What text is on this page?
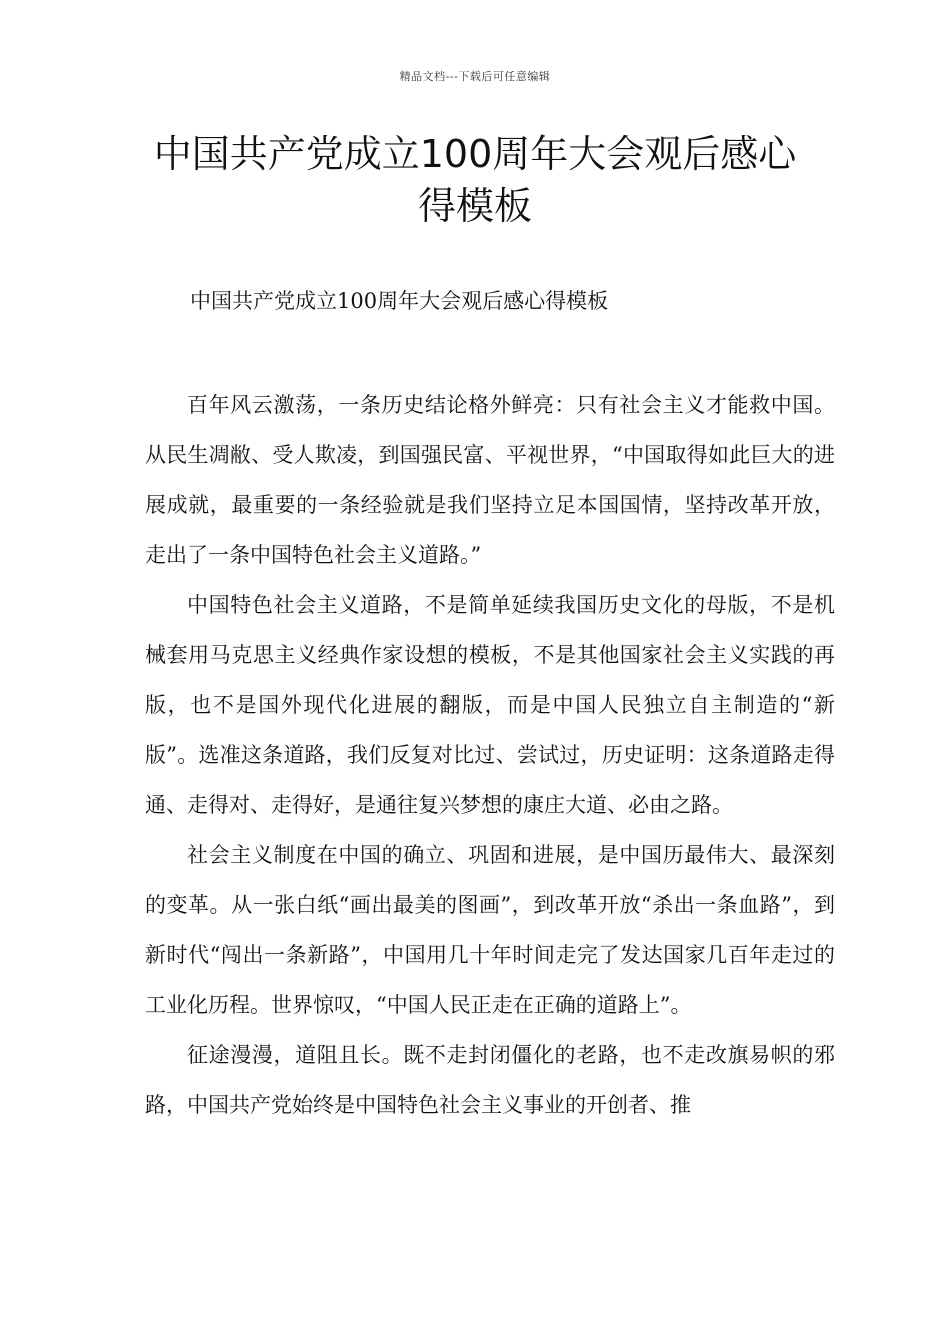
精品文档---下载后可任意编辑
中国共产党成立100周年大会观后感心
得模板
中国共产党成立100周年大会观后感心得模板

百年风云激荡，一条历史结论格外鲜亮：只有社会主义才能救中国。从民生凋敝、受人欺凌，到国强民富、平视世界，“中国取得如此巨大的进展成就，最重要的一条经验就是我们坚持立足本国国情，坚持改革开放，走出了一条中国特色社会主义道路。”

中国特色社会主义道路，不是简单延续我国历史文化的母版，不是机械套用马克思主义经典作家设想的模板，不是其他国家社会主义实践的再版，也不是国外现代化进展的翻版，而是中国人民独立自主制造的“新版”。选准这条道路，我们反复对比过、尝试过，历史证明：这条道路走得通、走得对、走得好，是通往复兴梦想的康庄大道、必由之路。

社会主义制度在中国的确立、巩固和进展，是中国历最伟大、最深刻的变革。从一张白纸“画出最美的图画”，到改革开放“杀出一条血路”，到新时代“闯出一条新路”，中国用几十年时间走完了发达国家几百年走过的工业化历程。世界惊叹，“中国人民正走在正确的道路上”。

征途漫漫，道阻且长。既不走封闭僵化的老路，也不走改旗易帜的邪路，中国共产党始终是中国特色社会主义事业的开创者、推
